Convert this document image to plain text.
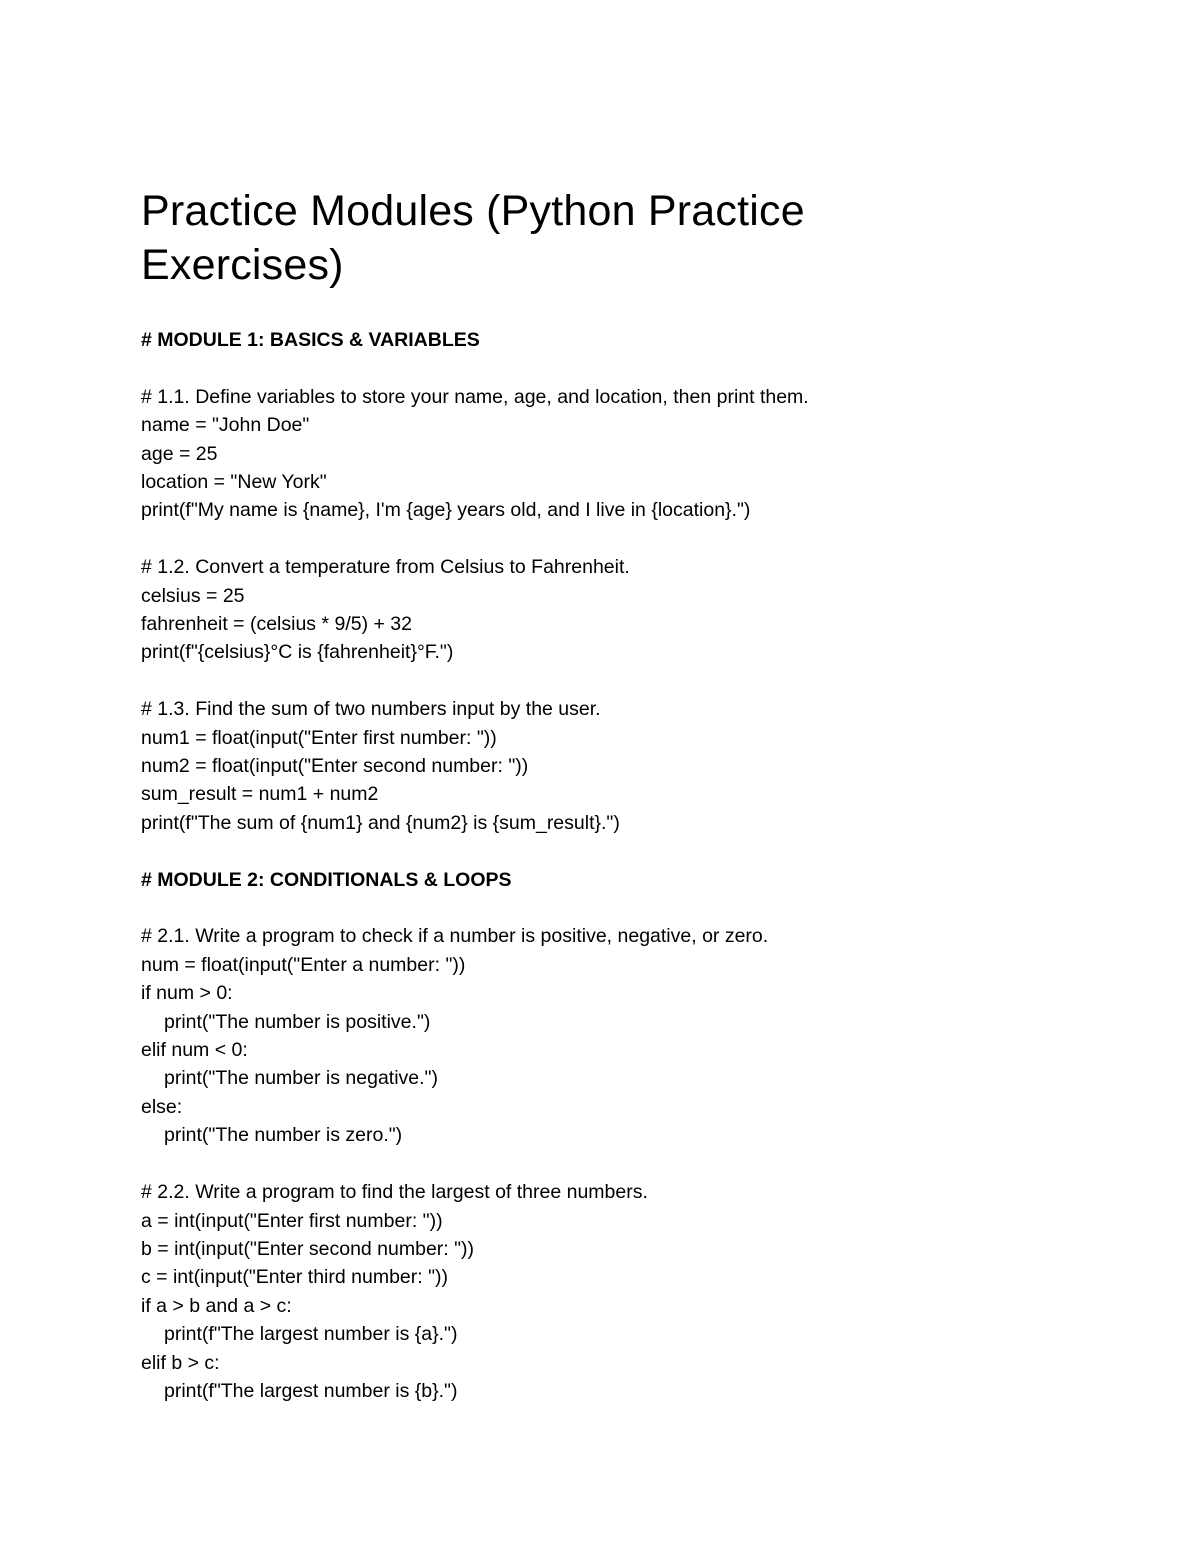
Practice Modules (Python Practice
Exercises)
# MODULE 1: BASICS & VARIABLES
# 1.1. Define variables to store your name, age, and location, then print them.
name = "John Doe"
age = 25
location = "New York"
print(f"My name is {name}, I'm {age} years old, and I live in {location}.")
# 1.2. Convert a temperature from Celsius to Fahrenheit.
celsius = 25
fahrenheit = (celsius * 9/5) + 32
print(f"{celsius}°C is {fahrenheit}°F.")
# 1.3. Find the sum of two numbers input by the user.
num1 = float(input("Enter first number: "))
num2 = float(input("Enter second number: "))
sum_result = num1 + num2
print(f"The sum of {num1} and {num2} is {sum_result}.")
# MODULE 2: CONDITIONALS & LOOPS
# 2.1. Write a program to check if a number is positive, negative, or zero.
num = float(input("Enter a number: "))
if num > 0:
print("The number is positive.")
elif num < 0:
print("The number is negative.")
else:
print("The number is zero.")
# 2.2. Write a program to find the largest of three numbers.
a = int(input("Enter first number: "))
b = int(input("Enter second number: "))
c = int(input("Enter third number: "))
if a > b and a > c:
print(f"The largest number is {a}.")
elif b > c:
print(f"The largest number is {b}.")
